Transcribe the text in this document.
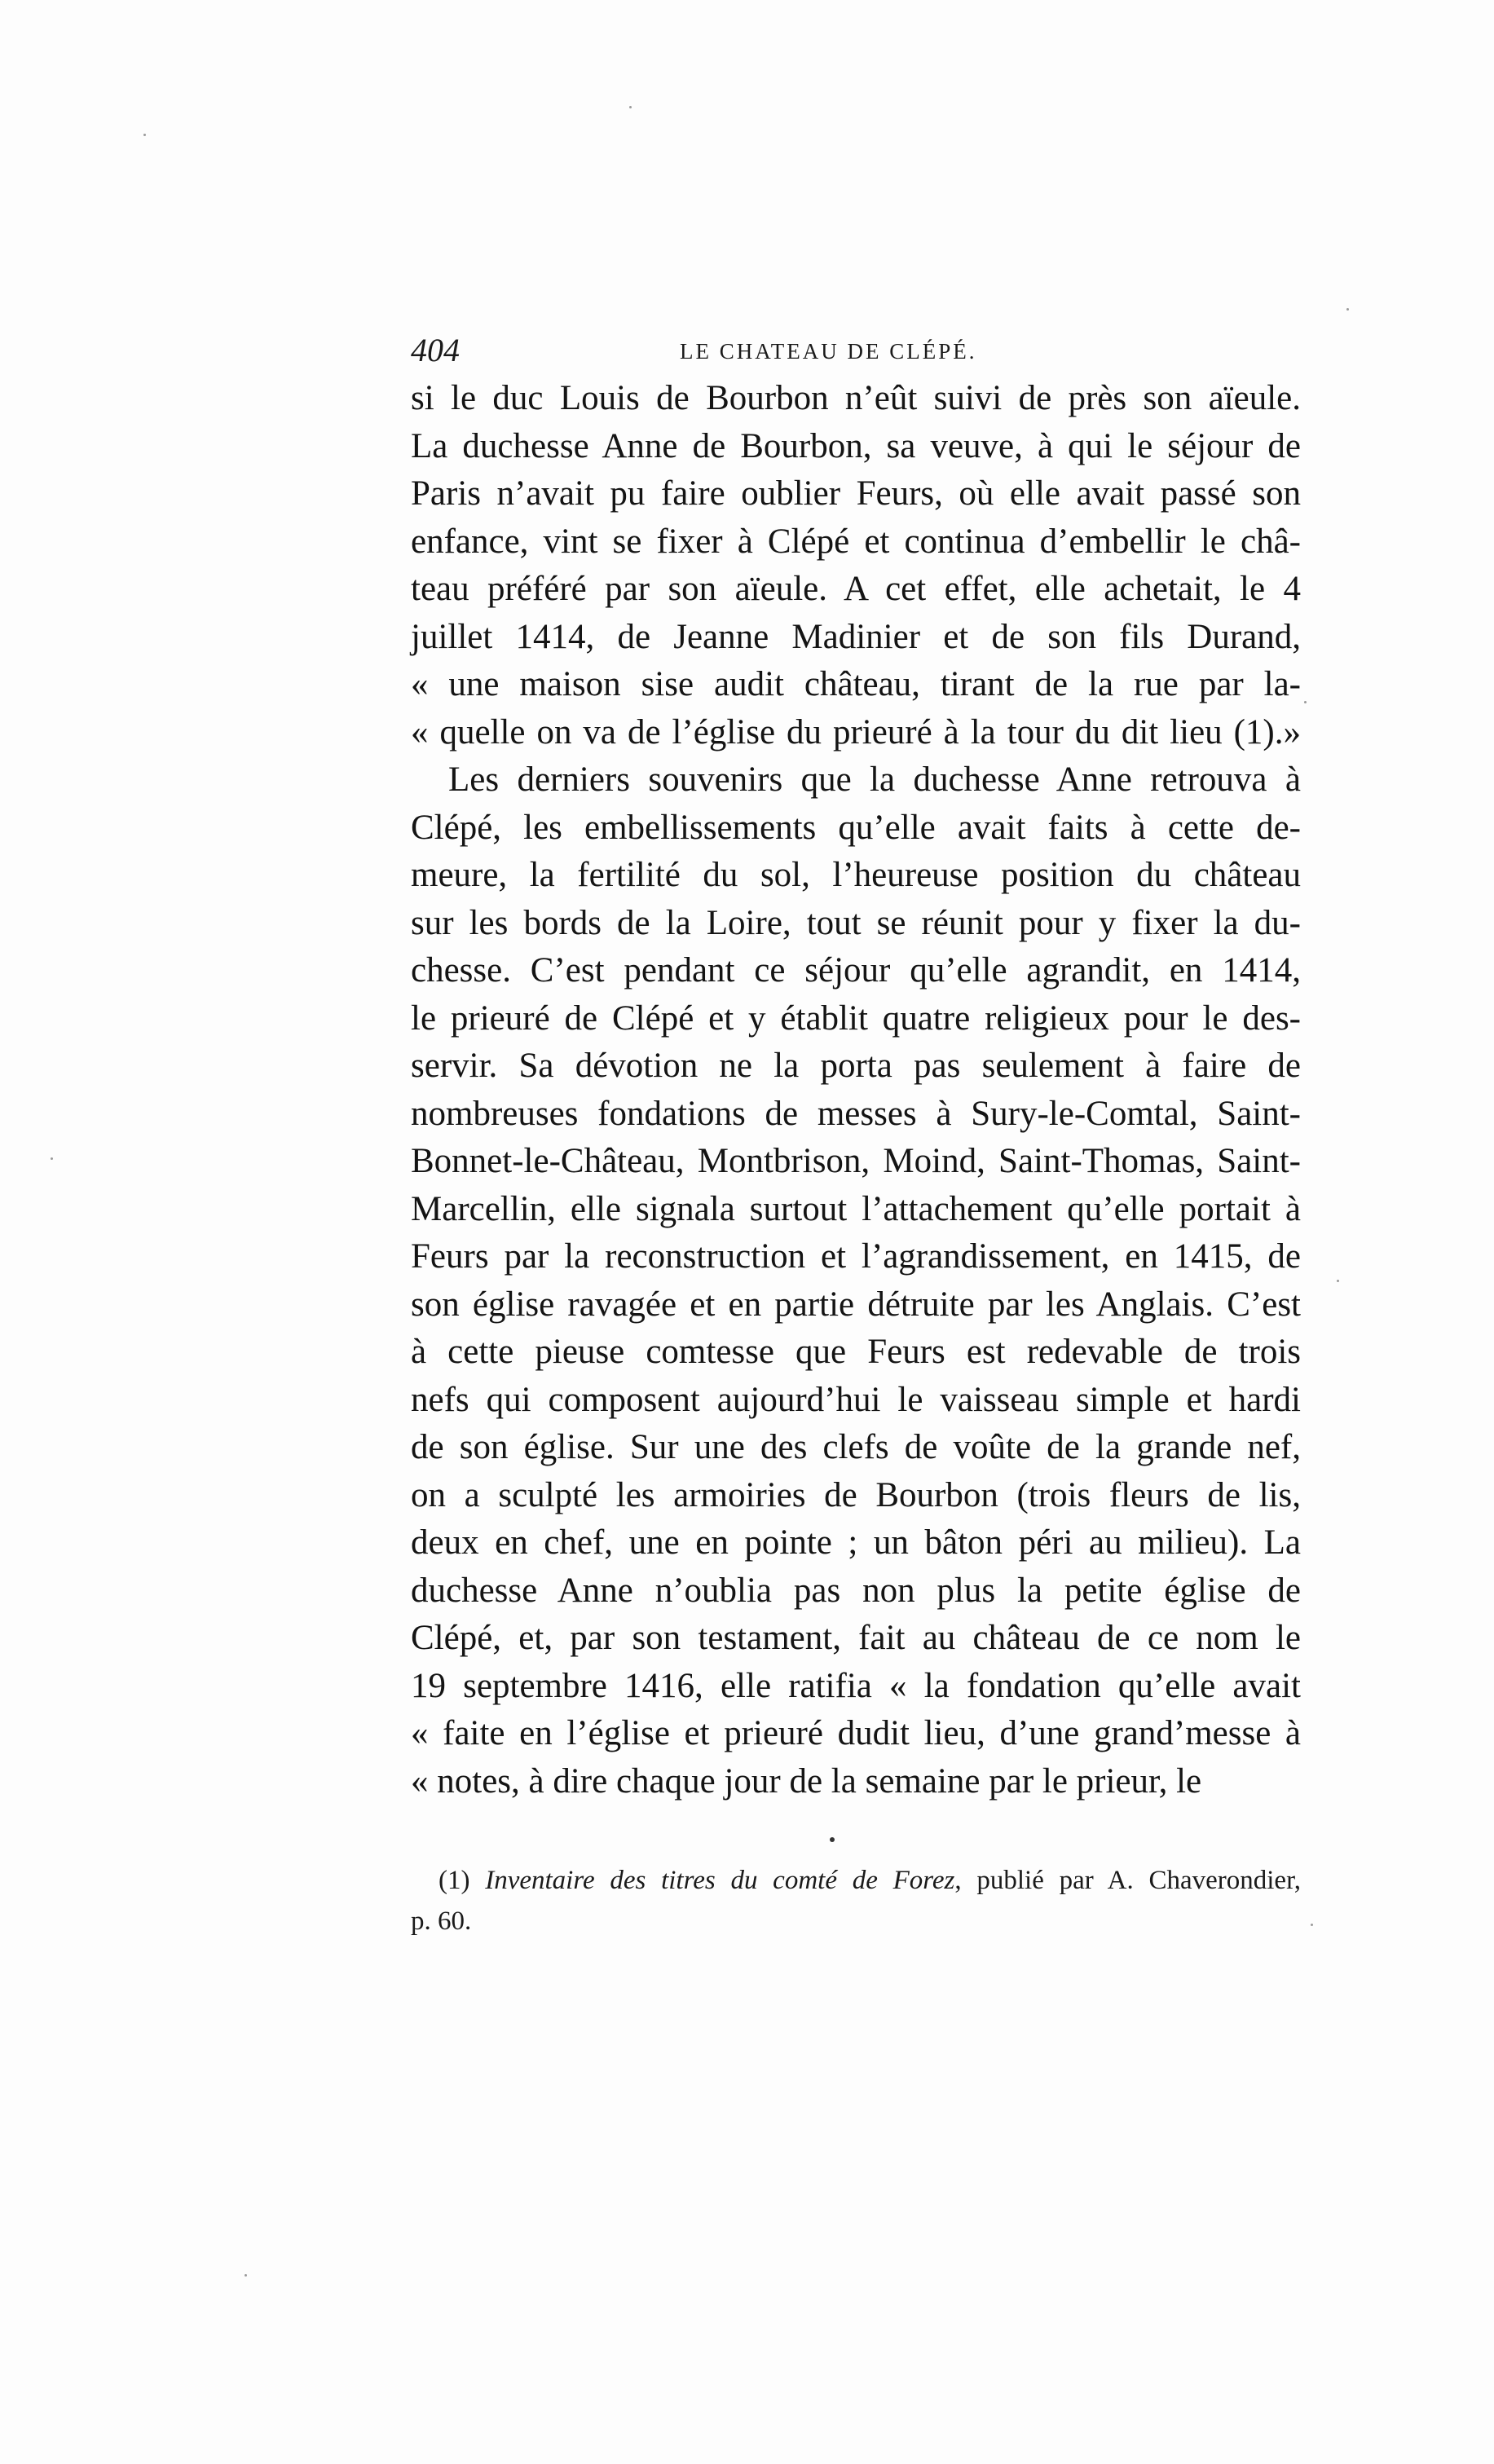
404	LE CHATEAU DE CLÉPÉ.
si le duc Louis de Bourbon n’eût suivi de près son aïeule.
La duchesse Anne de Bourbon, sa veuve, à qui le séjour de
Paris n’avait pu faire oublier Feurs, où elle avait passé son
enfance, vint se fixer à Clépé et continua d’embellir le châ-
teau préféré par son aïeule. A cet effet, elle achetait, le 4
juillet 1414, de Jeanne Madinier et de son fils Durand,
« une maison sise audit château, tirant de la rue par la-
« quelle on va de l’église du prieuré à la tour du dit lieu (1).»
Les derniers souvenirs que la duchesse Anne retrouva à
Clépé, les embellissements qu’elle avait faits à cette de-
meure, la fertilité du sol, l’heureuse position du château
sur les bords de la Loire, tout se réunit pour y fixer la du-
chesse. C’est pendant ce séjour qu’elle agrandit, en 1414,
le prieuré de Clépé et y établit quatre religieux pour le des-
servir. Sa dévotion ne la porta pas seulement à faire de
nombreuses fondations de messes à Sury-le-Comtal, Saint-
Bonnet-le-Château, Montbrison, Moind, Saint-Thomas, Saint-
Marcellin, elle signala surtout l’attachement qu’elle portait à
Feurs par la reconstruction et l’agrandissement, en 1415, de
son église ravagée et en partie détruite par les Anglais. C’est
à cette pieuse comtesse que Feurs est redevable de trois
nefs qui composent aujourd’hui le vaisseau simple et hardi
de son église. Sur une des clefs de voûte de la grande nef,
on a sculpté les armoiries de Bourbon (trois fleurs de lis,
deux en chef, une en pointe ; un bâton péri au milieu). La
duchesse Anne n’oublia pas non plus la petite église de
Clépé, et, par son testament, fait au château de ce nom le
19 septembre 1416, elle ratifia « la fondation qu’elle avait
« faite en l’église et prieuré dudit lieu, d’une grand’messe à
« notes, à dire chaque jour de la semaine par le prieur, le
(1) Inventaire des titres du comté de Forez, publié par A. Chaverondier,
p. 60.
